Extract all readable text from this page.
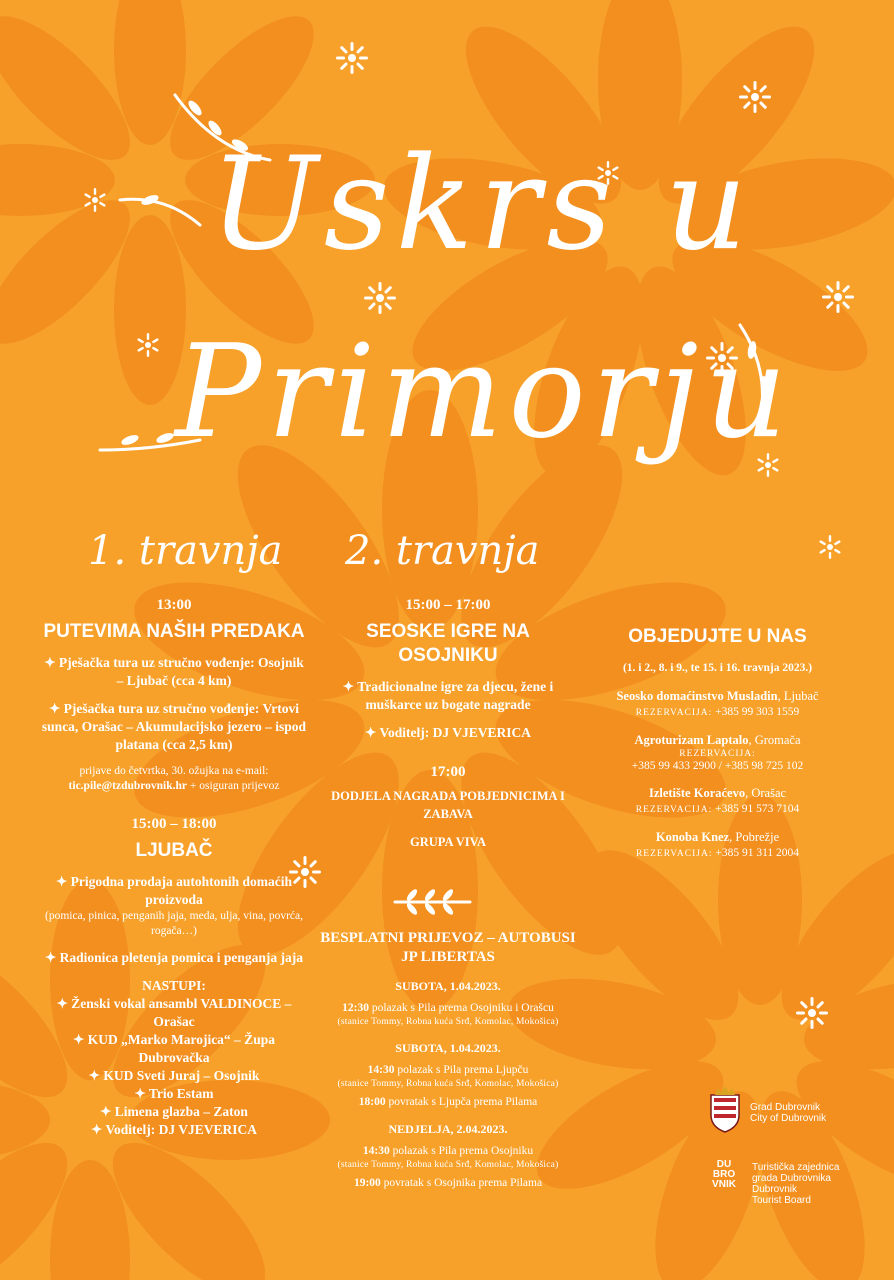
Uskrs u
Primorju
1. travnja 2. travnja
13:00
PUTEVIMA NAŠIH PREDAKA
✦ Pješačka tura uz stručno vođenje: Osojnik – Ljubač (cca 4 km)
✦ Pješačka tura uz stručno vođenje: Vrtovi sunca, Orašac – Akumulacijsko jezero – ispod platana (cca 2,5 km)
prijave do četvrtka, 30. ožujka na e-mail:
tic.pile@tzdubrovnik.hr + osiguran prijevoz
15:00 – 18:00
LJUBAČ
✦ Prigodna prodaja autohtonih domaćih proizvoda
(pomica, pinica, penganih jaja, meda, ulja, vina, povrća, rogača…)
✦ Radionica pletenja pomica i penganja jaja
NASTUPI:
✦ Ženski vokal ansambl VALDINOCE – Orašac
✦ KUD „Marko Marojica“ – Župa Dubrovačka
✦ KUD Sveti Juraj – Osojnik
✦ Trio Estam
✦ Limena glazba – Zaton
✦ Voditelj: DJ VJEVERICA
15:00 – 17:00
SEOSKE IGRE NA OSOJNIKU
✦ Tradicionalne igre za djecu, žene i muškarce uz bogate nagrade
✦ Voditelj: DJ VJEVERICA
17:00
DODJELA NAGRADA POBJEDNICIMA I ZABAVA
GRUPA VIVA
BESPLATNI PRIJEVOZ – AUTOBUSI JP LIBERTAS
SUBOTA, 1.04.2023.
12:30 polazak s Pila prema Osojniku i Orašcu
(stanice Tommy, Robna kuća Srđ, Komolac, Mokošica)
SUBOTA, 1.04.2023.
14:30 polazak s Pila prema Ljupču
(stanice Tommy, Robna kuća Srđ, Komolac, Mokošica)
18:00 povratak s Ljupča prema Pilama
NEDJELJA, 2.04.2023.
14:30 polazak s Pila prema Osojniku
(stanice Tommy, Robna kuća Srđ, Komolac, Mokošica)
19:00 povratak s Osojnika prema Pilama
OBJEDUJTE U NAS
(1. i 2., 8. i 9., te 15. i 16. travnja 2023.)
Seosko domaćinstvo Musladin, Ljubač
REZERVACIJA: +385 99 303 1559
Agroturizam Laptalo, Gromača
REZERVACIJA:
+385 99 433 2900 / +385 98 725 102
Izletište Koraćevo, Orašac
REZERVACIJA: +385 91 573 7104
Konoba Knez, Pobrežje
REZERVACIJA: +385 91 311 2004
Grad Dubrovnik
City of Dubrovnik
DU
BRO
VNIK
Turistička zajednica
grada Dubrovnika
Dubrovnik
Tourist Board
